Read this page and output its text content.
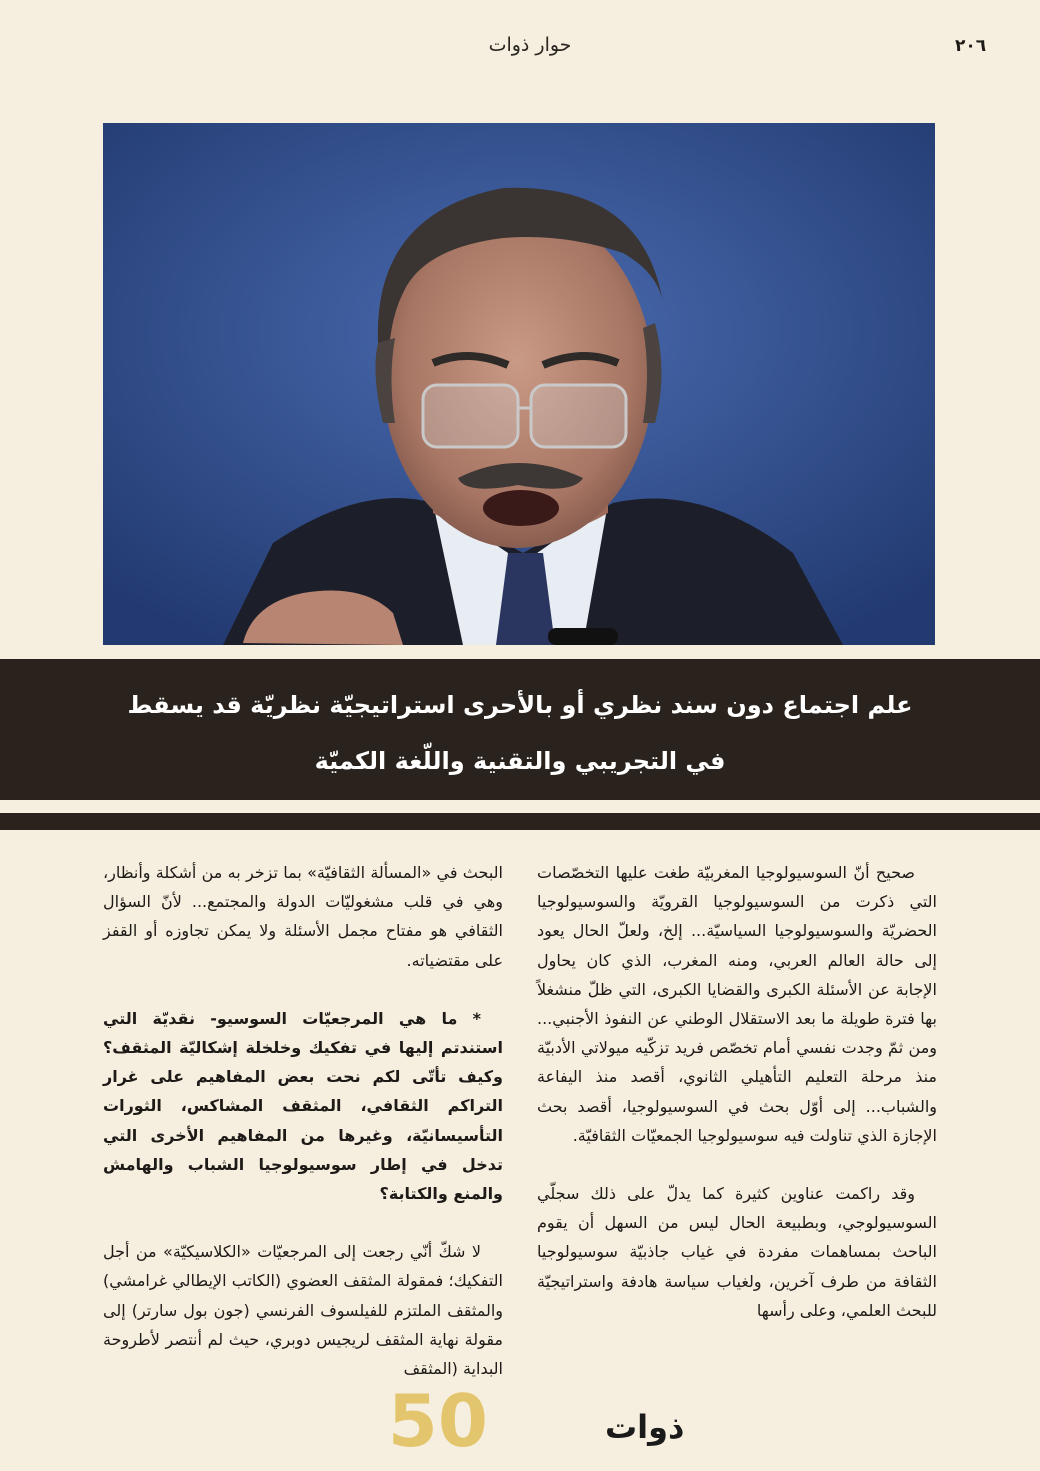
٢٠٦
حوار ذوات
علم اجتماع دون سند نظري أو بالأحرى استراتيجيّة نظريّة قد يسقط
في التجريبي والتقنية واللّغة الكميّة

صحيح أنّ السوسيولوجيا المغربيّة طغت عليها التخصّصات التي ذكرت من السوسيولوجيا القرويّة والسوسيولوجيا الحضريّة والسوسيولوجيا السياسيّة... إلخ، ولعلّ الحال يعود إلى حالة العالم العربي، ومنه المغرب، الذي كان يحاول الإجابة عن الأسئلة الكبرى والقضايا الكبرى، التي ظلّ منشغلاً بها فترة طويلة ما بعد الاستقلال الوطني عن النفوذ الأجنبي... ومن ثمّ وجدت نفسي أمام تخصّص فريد تزكّيه ميولاتي الأدبيّة منذ مرحلة التعليم التأهيلي الثانوي، أقصد منذ اليفاعة والشباب... إلى أوّل بحث في السوسيولوجيا، أقصد بحث الإجازة الذي تناولت فيه سوسيولوجيا الجمعيّات الثقافيّة.

وقد راكمت عناوين كثيرة كما يدلّ على ذلك سجلّي السوسيولوجي، وبطبيعة الحال ليس من السهل أن يقوم الباحث بمساهمات مفردة في غياب جاذبيّة سوسيولوجيا الثقافة من طرف آخرين، ولغياب سياسة هادفة واستراتيجيّة للبحث العلمي، وعلى رأسها

البحث في «المسألة الثقافيّة» بما تزخر به من أشكلة وأنظار، وهي في قلب مشغوليّات الدولة والمجتمع... لأنّ السؤال الثقافي هو مفتاح مجمل الأسئلة ولا يمكن تجاوزه أو القفز على مقتضياته.

* ما هي المرجعيّات السوسيو- نقديّة التي استندتم إليها في تفكيك وخلخلة إشكاليّة المثقف؟ وكيف تأتّى لكم نحت بعض المفاهيم على غرار التراكم الثقافي، المثقف المشاكس، الثورات التأسيسانيّة، وغيرها من المفاهيم الأخرى التي تدخل في إطار سوسيولوجيا الشباب والهامش والمنع والكتابة؟

لا شكّ أنّي رجعت إلى المرجعيّات «الكلاسيكيّة» من أجل التفكيك؛ فمقولة المثقف العضوي (الكاتب الإيطالي غرامشي) والمثقف الملتزم للفيلسوف الفرنسي (جون بول سارتر) إلى مقولة نهاية المثقف لريجيس دوبري، حيث لم أنتصر لأطروحة البداية (المثقف

50	ذوات
